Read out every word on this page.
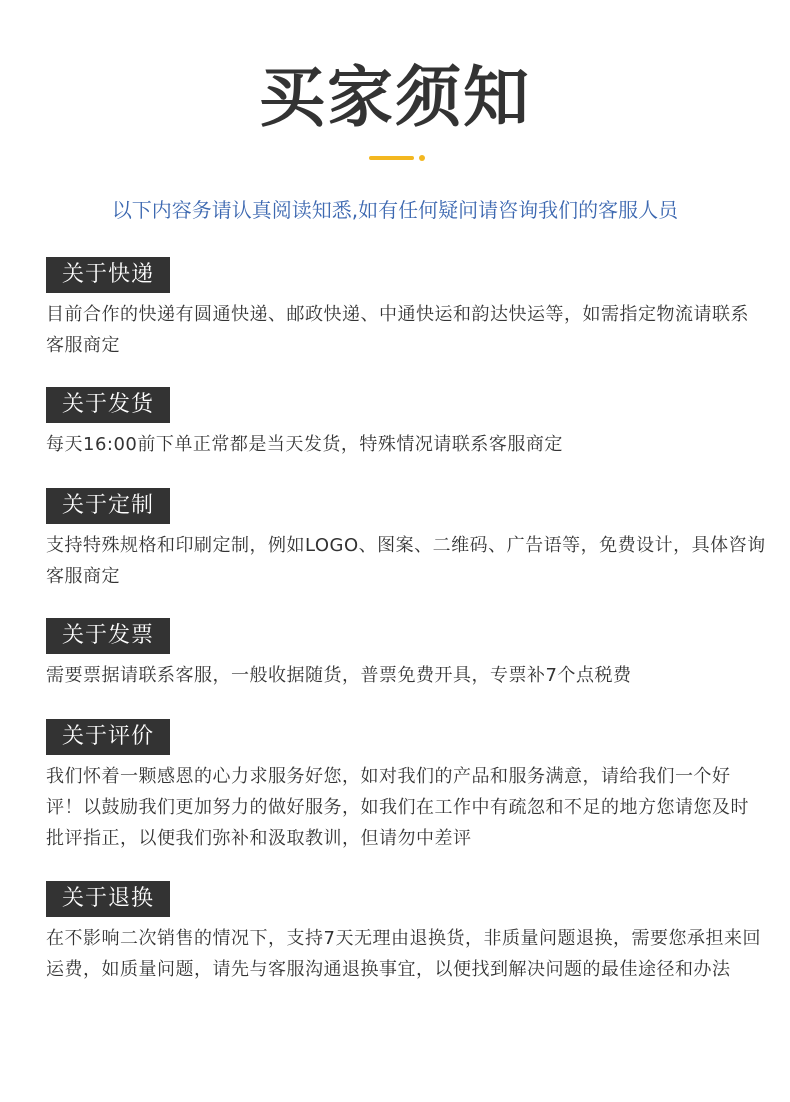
买家须知
以下内容务请认真阅读知悉,如有任何疑问请咨询我们的客服人员
关于快递
目前合作的快递有圆通快递、邮政快递、中通快运和韵达快运等，如需指定物流请联系客服商定
关于发货
每天16:00前下单正常都是当天发货，特殊情况请联系客服商定
关于定制
支持特殊规格和印刷定制，例如LOGO、图案、二维码、广告语等，免费设计，具体咨询客服商定
关于发票
需要票据请联系客服，一般收据随货，普票免费开具，专票补7个点税费
关于评价
我们怀着一颗感恩的心力求服务好您，如对我们的产品和服务满意，请给我们一个好评！以鼓励我们更加努力的做好服务，如我们在工作中有疏忽和不足的地方您请您及时批评指正，以便我们弥补和汲取教训，但请勿中差评
关于退换
在不影响二次销售的情况下，支持7天无理由退换货，非质量问题退换，需要您承担来回运费，如质量问题，请先与客服沟通退换事宜，以便找到解决问题的最佳途径和办法
